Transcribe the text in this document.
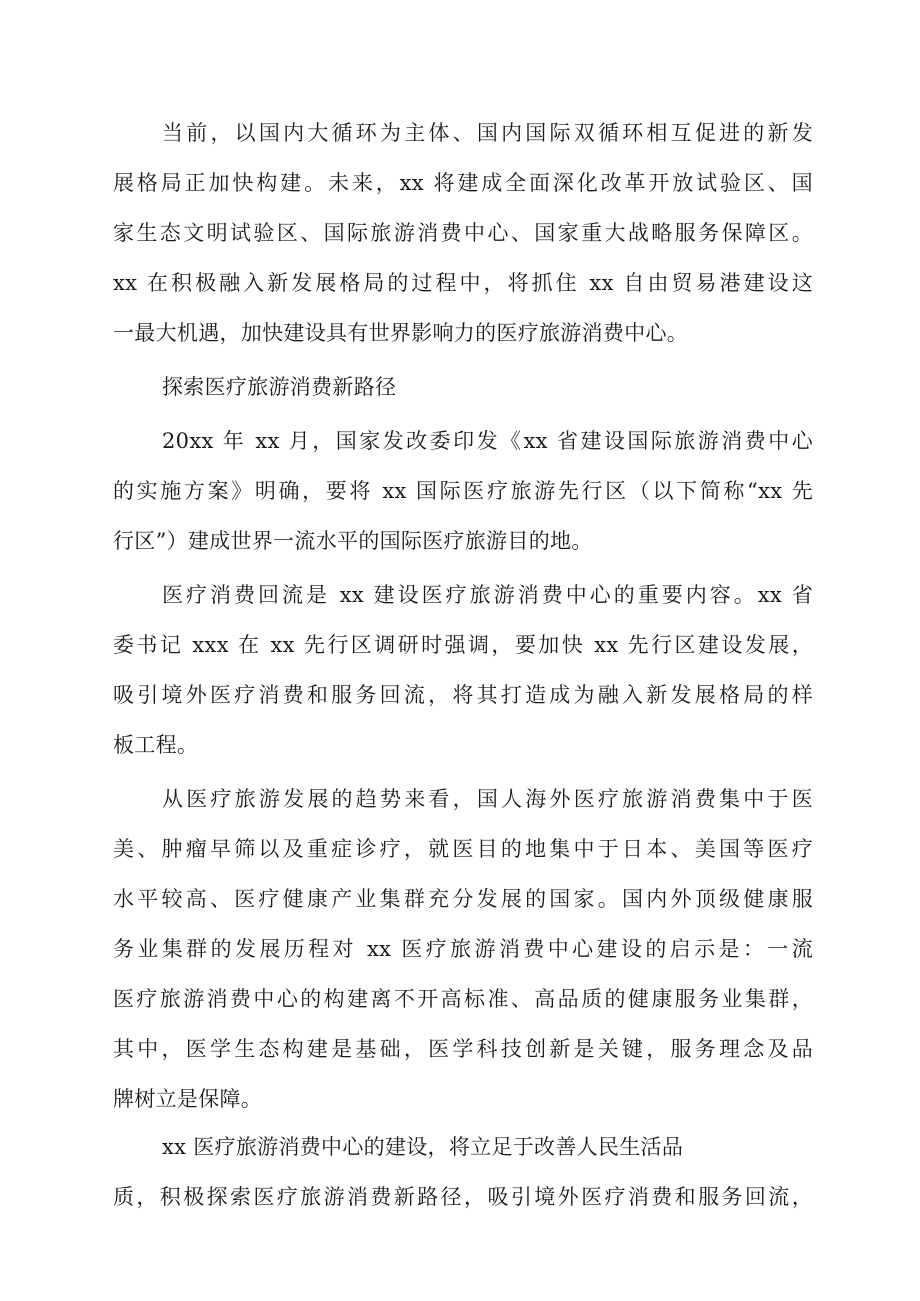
当前，以国内大循环为主体、国内国际双循环相互促进的新发
展格局正加快构建。未来，xx 将建成全面深化改革开放试验区、国
家生态文明试验区、国际旅游消费中心、国家重大战略服务保障区。
xx 在积极融入新发展格局的过程中，将抓住 xx 自由贸易港建设这
一最大机遇，加快建设具有世界影响力的医疗旅游消费中心。
探索医疗旅游消费新路径
20xx 年 xx 月，国家发改委印发《xx 省建设国际旅游消费中心
的实施方案》明确，要将 xx 国际医疗旅游先行区（以下简称“xx 先
行区”）建成世界一流水平的国际医疗旅游目的地。
医疗消费回流是 xx 建设医疗旅游消费中心的重要内容。xx 省
委书记 xxx 在 xx 先行区调研时强调，要加快 xx 先行区建设发展，
吸引境外医疗消费和服务回流，将其打造成为融入新发展格局的样
板工程。
从医疗旅游发展的趋势来看，国人海外医疗旅游消费集中于医
美、肿瘤早筛以及重症诊疗，就医目的地集中于日本、美国等医疗
水平较高、医疗健康产业集群充分发展的国家。国内外顶级健康服
务业集群的发展历程对 xx 医疗旅游消费中心建设的启示是：一流
医疗旅游消费中心的构建离不开高标准、高品质的健康服务业集群，
其中，医学生态构建是基础，医学科技创新是关键，服务理念及品
牌树立是保障。
xx 医疗旅游消费中心的建设，将立足于改善人民生活品
质，积极探索医疗旅游消费新路径，吸引境外医疗消费和服务回流，
